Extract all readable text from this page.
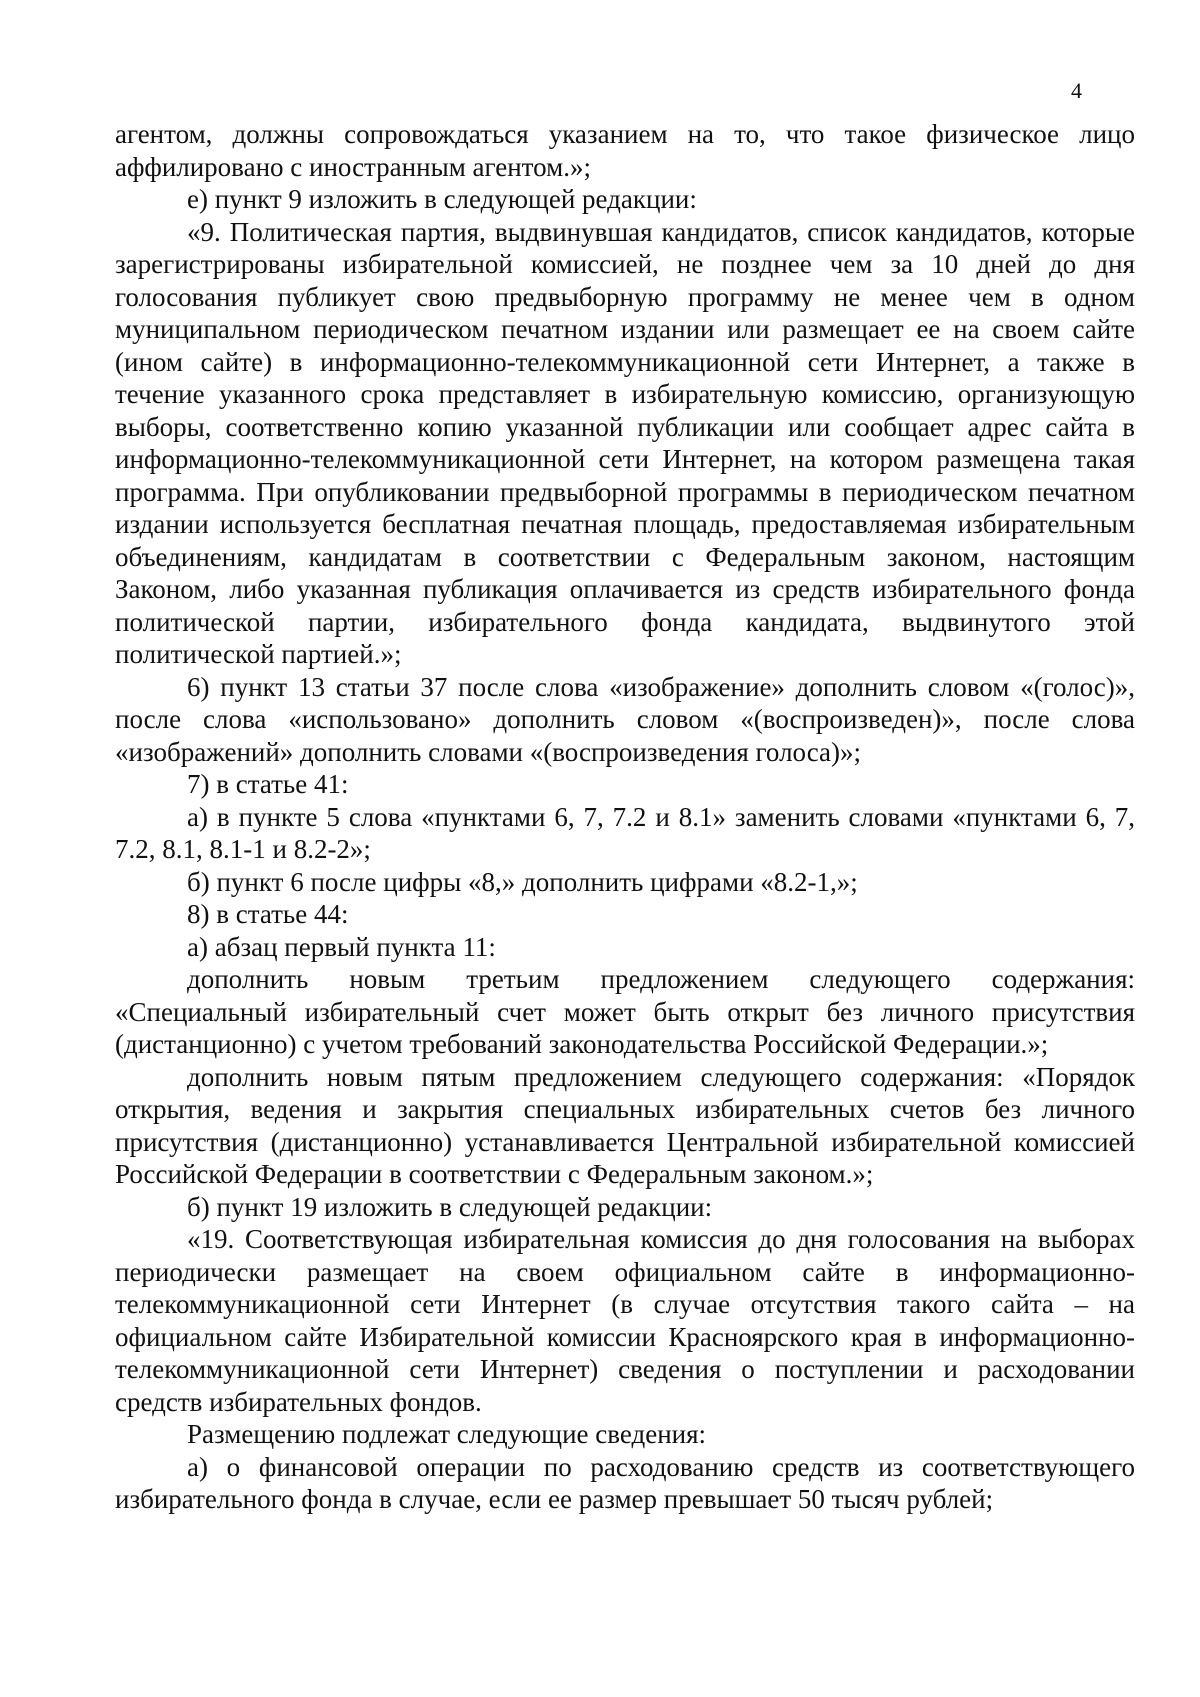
4

агентом, должны сопровождаться указанием на то, что такое физическое лицо аффилировано с иностранным агентом.»;

е) пункт 9 изложить в следующей редакции:

«9. Политическая партия, выдвинувшая кандидатов, список кандидатов, которые зарегистрированы избирательной комиссией, не позднее чем за 10 дней до дня голосования публикует свою предвыборную программу не менее чем в одном муниципальном периодическом печатном издании или размещает ее на своем сайте (ином сайте) в информационно-телекоммуникационной сети Интернет, а также в течение указанного срока представляет в избирательную комиссию, организующую выборы, соответственно копию указанной публикации или сообщает адрес сайта в информационно-телекоммуникационной сети Интернет, на котором размещена такая программа. При опубликовании предвыборной программы в периодическом печатном издании используется бесплатная печатная площадь, предоставляемая избирательным объединениям, кандидатам в соответствии с Федеральным законом, настоящим Законом, либо указанная публикация оплачивается из средств избирательного фонда политической партии, избирательного фонда кандидата, выдвинутого этой политической партией.»;

6) пункт 13 статьи 37 после слова «изображение» дополнить словом «(голос)», после слова «использовано» дополнить словом «(воспроизведен)», после слова «изображений» дополнить словами «(воспроизведения голоса)»;

7) в статье 41:

а) в пункте 5 слова «пунктами 6, 7, 7.2 и 8.1» заменить словами «пунктами 6, 7, 7.2, 8.1, 8.1-1 и 8.2-2»;

б) пункт 6 после цифры «8,» дополнить цифрами «8.2-1,»;

8) в статье 44:

а) абзац первый пункта 11:

дополнить новым третьим предложением следующего содержания: «Специальный избирательный счет может быть открыт без личного присутствия (дистанционно) с учетом требований законодательства Российской Федерации.»;

дополнить новым пятым предложением следующего содержания: «Порядок открытия, ведения и закрытия специальных избирательных счетов без личного присутствия (дистанционно) устанавливается Центральной избирательной комиссией Российской Федерации в соответствии с Федеральным законом.»;

б) пункт 19 изложить в следующей редакции:

«19. Соответствующая избирательная комиссия до дня голосования на выборах периодически размещает на своем официальном сайте в информационно-телекоммуникационной сети Интернет (в случае отсутствия такого сайта – на официальном сайте Избирательной комиссии Красноярского края в информационно-телекоммуникационной сети Интернет) сведения о поступлении и расходовании средств избирательных фондов.

Размещению подлежат следующие сведения:

а) о финансовой операции по расходованию средств из соответствующего избирательного фонда в случае, если ее размер превышает 50 тысяч рублей;
